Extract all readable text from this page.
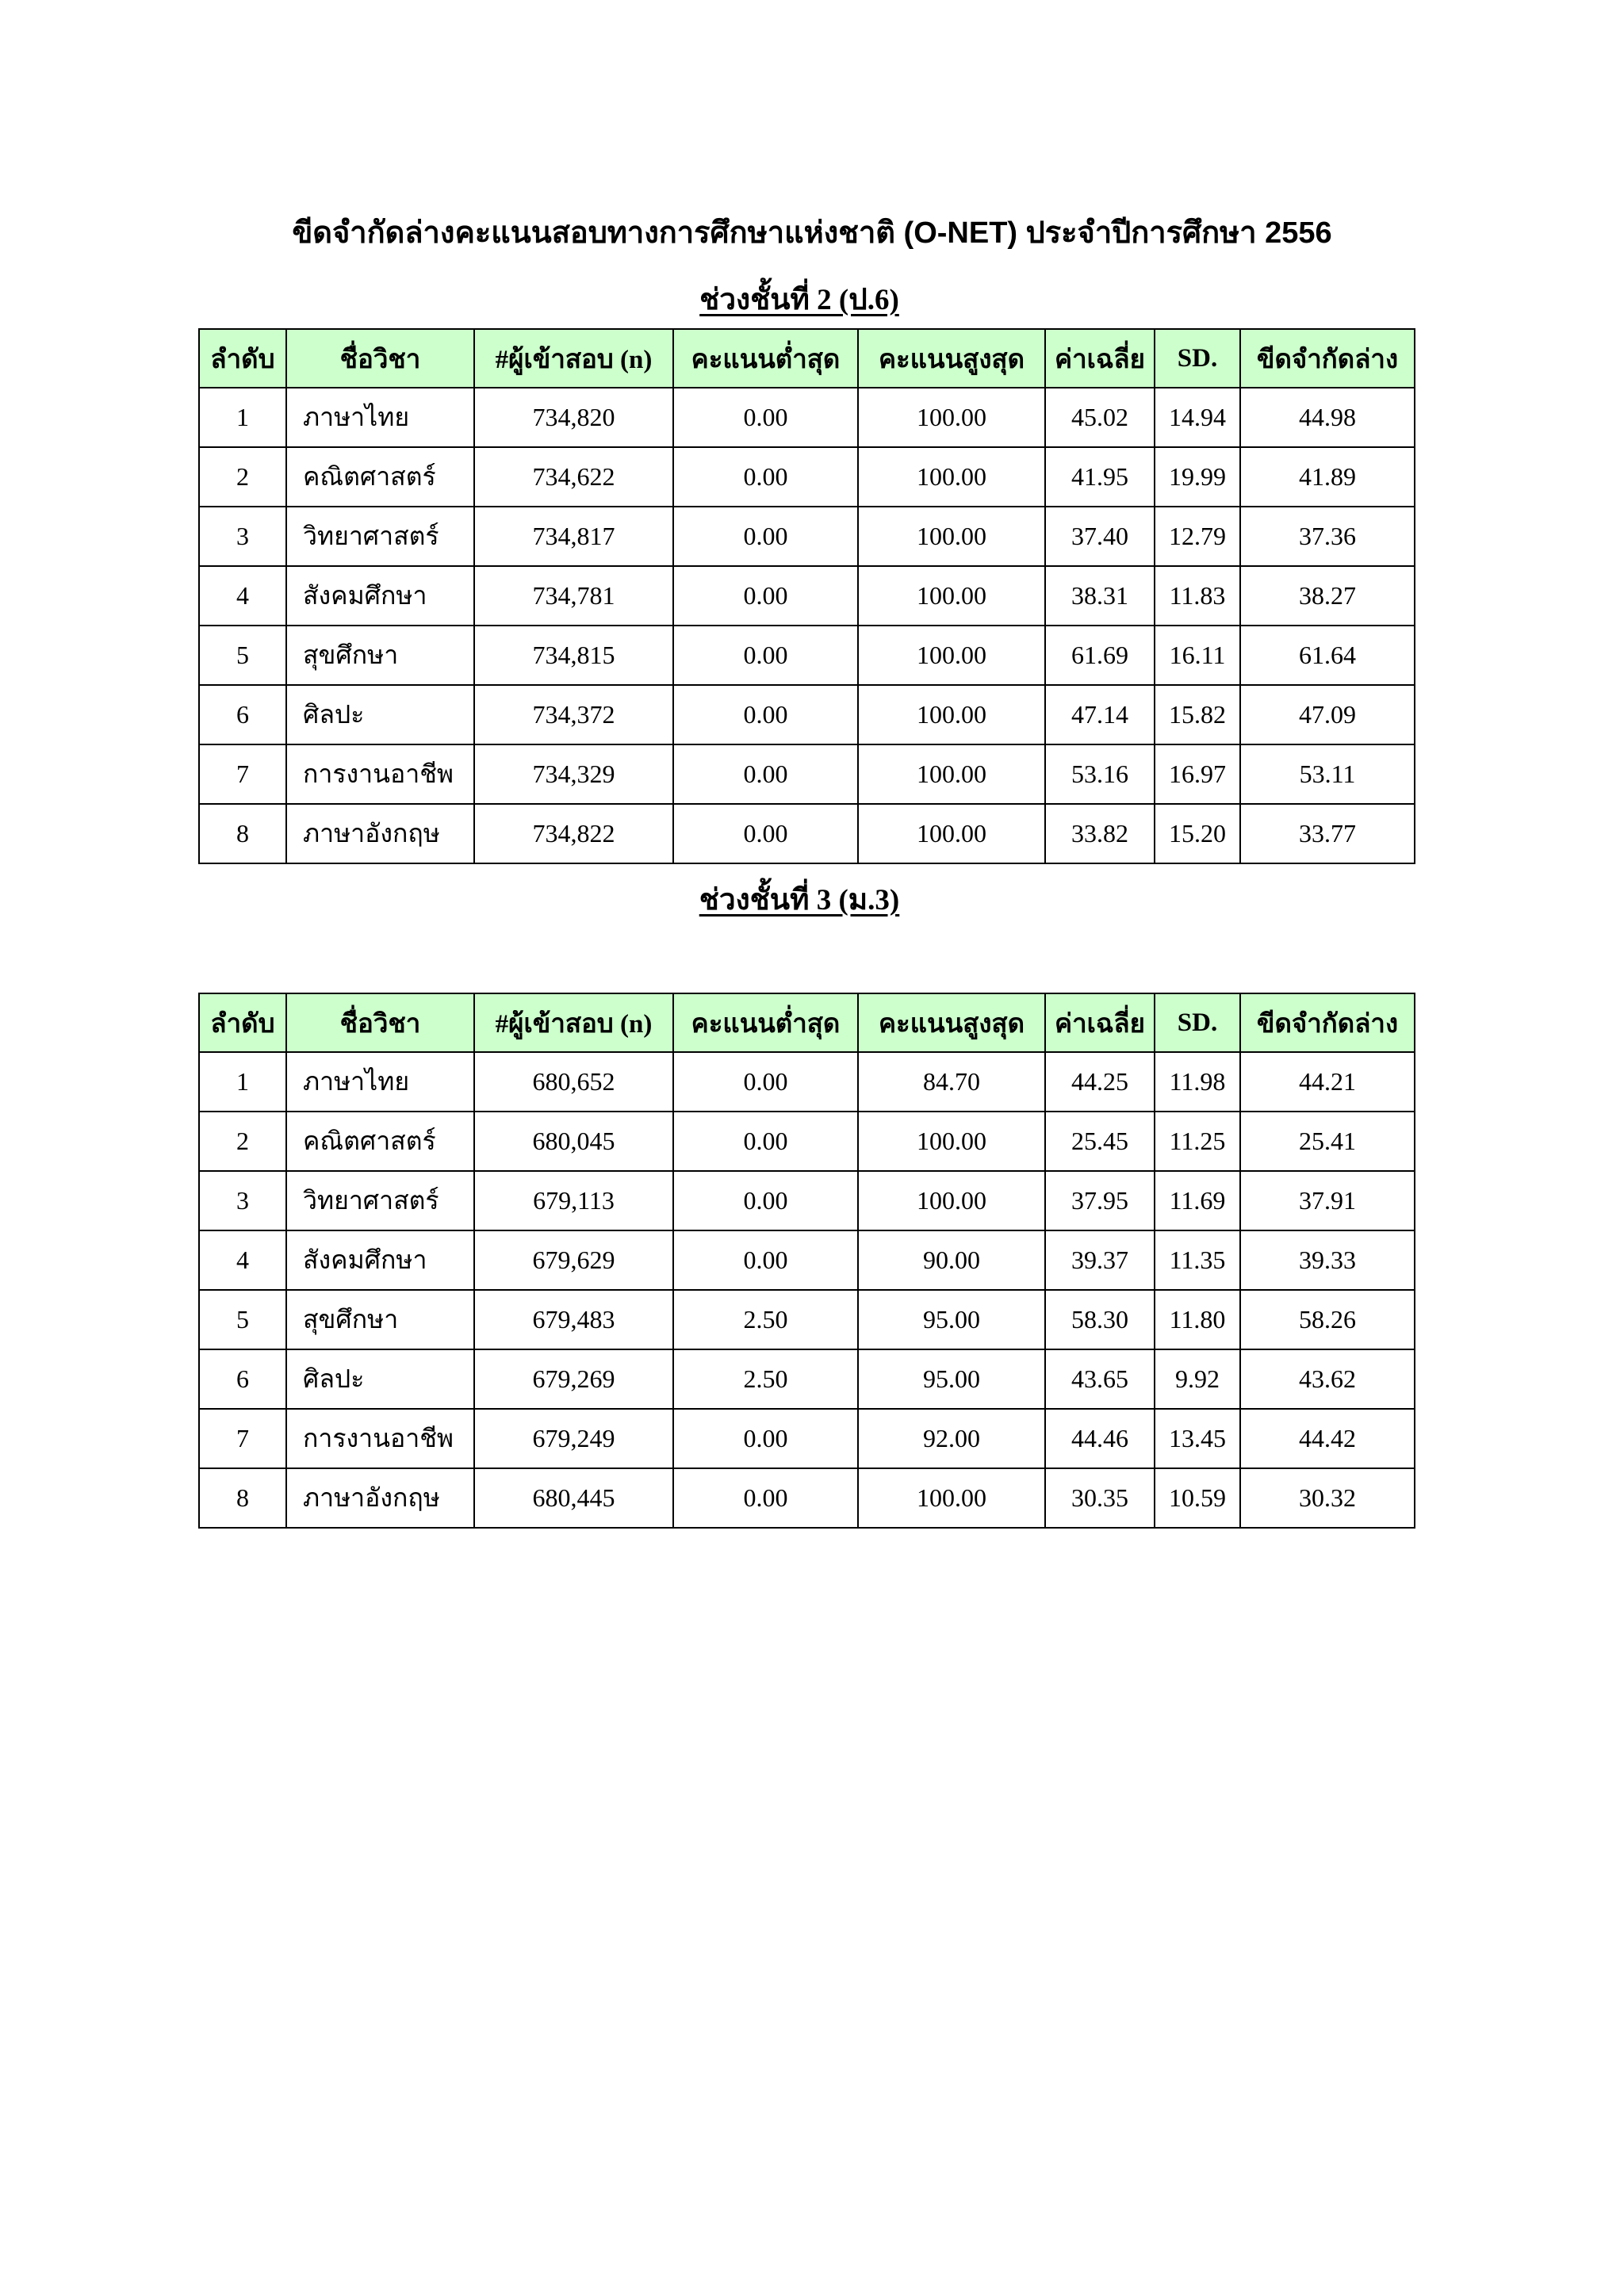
ขีดจำกัดล่างคะแนนสอบทางการศึกษาแห่งชาติ (O-NET) ประจำปีการศึกษา 2556
ช่วงชั้นที่ 2 (ป.6)
ลำดับ	ชื่อวิชา	#ผู้เข้าสอบ (n)	คะแนนต่ำสุด	คะแนนสูงสุด	ค่าเฉลี่ย	SD.	ขีดจำกัดล่าง
1	ภาษาไทย	734,820	0.00	100.00	45.02	14.94	44.98
2	คณิตศาสตร์	734,622	0.00	100.00	41.95	19.99	41.89
3	วิทยาศาสตร์	734,817	0.00	100.00	37.40	12.79	37.36
4	สังคมศึกษา	734,781	0.00	100.00	38.31	11.83	38.27
5	สุขศึกษา	734,815	0.00	100.00	61.69	16.11	61.64
6	ศิลปะ	734,372	0.00	100.00	47.14	15.82	47.09
7	การงานอาชีพ	734,329	0.00	100.00	53.16	16.97	53.11
8	ภาษาอังกฤษ	734,822	0.00	100.00	33.82	15.20	33.77
ช่วงชั้นที่ 3 (ม.3)
ลำดับ	ชื่อวิชา	#ผู้เข้าสอบ (n)	คะแนนต่ำสุด	คะแนนสูงสุด	ค่าเฉลี่ย	SD.	ขีดจำกัดล่าง
1	ภาษาไทย	680,652	0.00	84.70	44.25	11.98	44.21
2	คณิตศาสตร์	680,045	0.00	100.00	25.45	11.25	25.41
3	วิทยาศาสตร์	679,113	0.00	100.00	37.95	11.69	37.91
4	สังคมศึกษา	679,629	0.00	90.00	39.37	11.35	39.33
5	สุขศึกษา	679,483	2.50	95.00	58.30	11.80	58.26
6	ศิลปะ	679,269	2.50	95.00	43.65	9.92	43.62
7	การงานอาชีพ	679,249	0.00	92.00	44.46	13.45	44.42
8	ภาษาอังกฤษ	680,445	0.00	100.00	30.35	10.59	30.32
